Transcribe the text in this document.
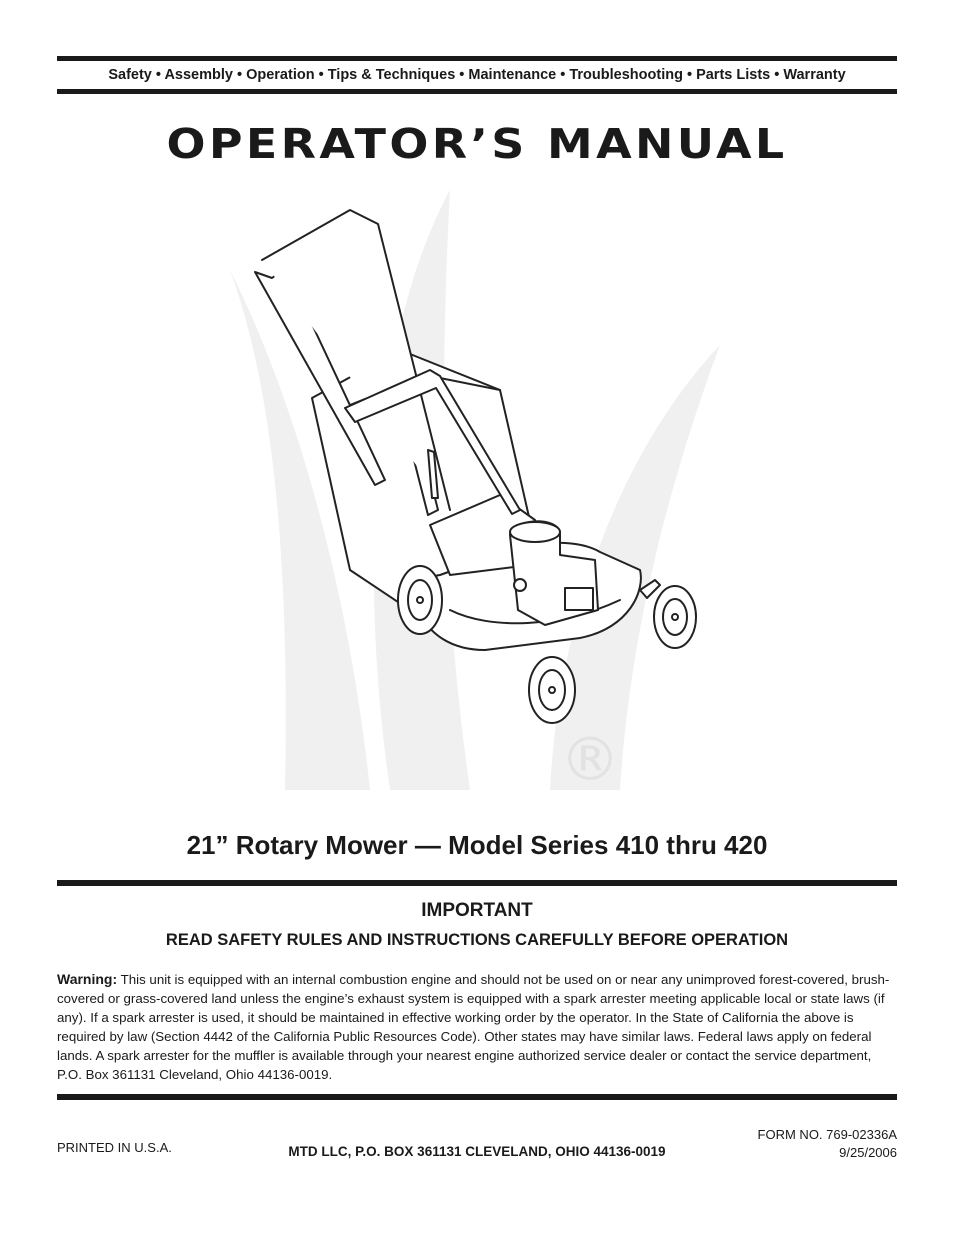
Safety • Assembly • Operation • Tips & Techniques • Maintenance • Troubleshooting • Parts Lists • Warranty
OPERATOR’S MANUAL
®
21” Rotary Mower — Model Series 410 thru 420
IMPORTANT
READ SAFETY RULES AND INSTRUCTIONS CAREFULLY BEFORE OPERATION
Warning: This unit is equipped with an internal combustion engine and should not be used on or near any unimproved forest-covered, brush-covered or grass-covered land unless the engine’s exhaust system is equipped with a spark arrester meeting applicable local or state laws (if any). If a spark arrester is used, it should be maintained in effective working order by the operator. In the State of California the above is required by law (Section 4442 of the California Public Resources Code). Other states may have similar laws. Federal laws apply on federal lands. A spark arrester for the muffler is available through your nearest engine authorized service dealer or contact the service department, P.O. Box 361131 Cleveland, Ohio 44136-0019.
PRINTED IN U.S.A.	MTD LLC, P.O. BOX 361131 CLEVELAND, OHIO 44136-0019
FORM NO. 769-02336A
9/25/2006
